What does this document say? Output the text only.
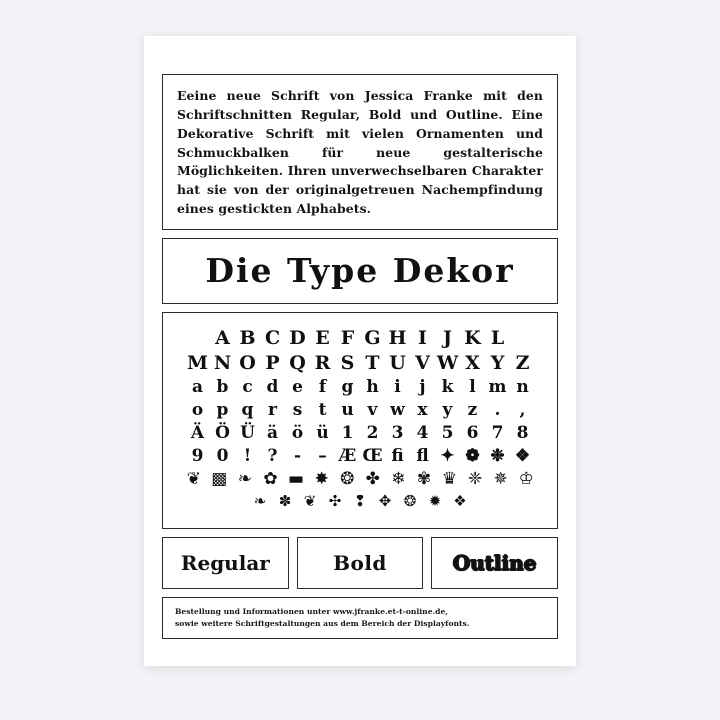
Eeine neue Schrift von Jessica Franke mit den Schriftschnitten Regular, Bold und Outline. Eine Dekorative Schrift mit vielen Ornamenten und Schmuckbalken für neue gestalterische Möglichkeiten. Ihren unverwechselbaren Charakter hat sie von der originalgetreuen Nachempfindung eines gestickten Alphabets.

Die Type Dekor
A B C D E F G H I J K L
M N O P Q R S T U V W X Y Z
a b c d e f g h i	j k l m n
o p q r s t u v w x y z	.	,
Ä Ö Ü ä ö ü 1 2 3 4 5 6 7 8
9 0 ! ? -	– Æ Œ fi fl ✦ ❁ ❉ ❖
❦ ▩ ❧ ✿ ▬ ✸ ❂ ✤ ❄ ✾ ♛ ❈ ✵ ♔
❧ ✽ ❦ ✣ ❢ ✥ ❂ ✹ ❖
Regular	Bold	Outline
Bestellung und Informationen unter www.jfranke.et-t-online.de,
sowie weitere Schriftgestaltungen aus dem Bereich der Displayfonts.
